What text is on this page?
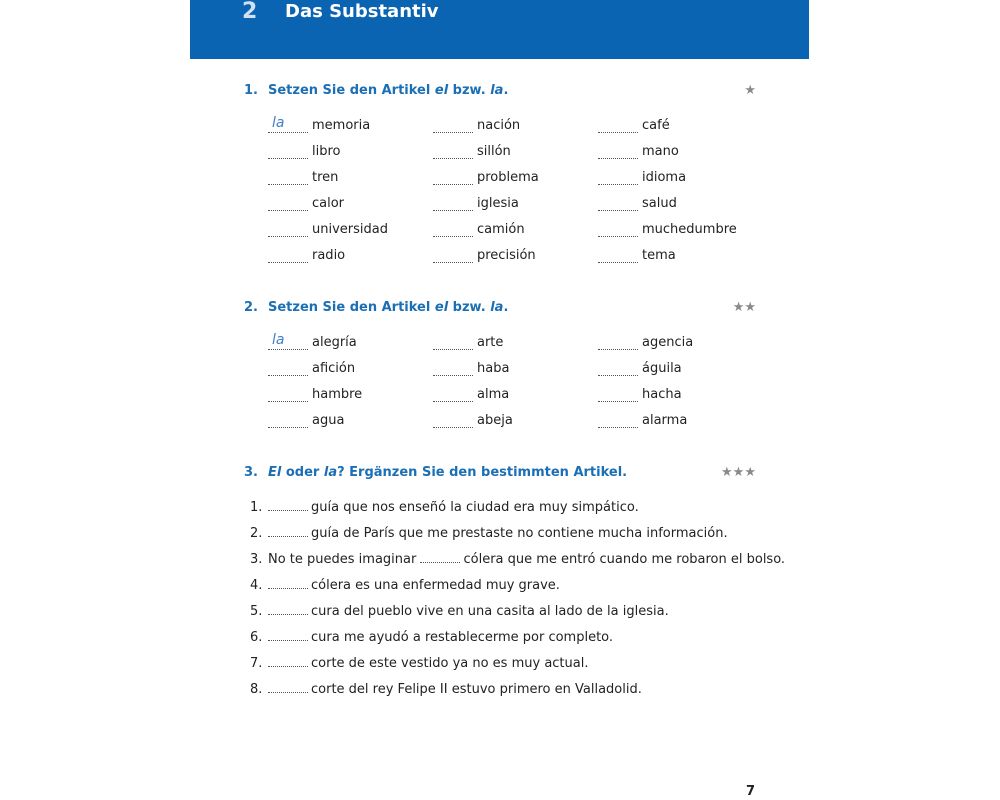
2 Das Substantiv
1. Setzen Sie den Artikel el bzw. la.	★
la memoria	nación	café
libro	sillón	mano
tren	problema	idioma
calor	iglesia	salud
universidad	camión	muchedumbre
radio	precisión	tema
2. Setzen Sie den Artikel el bzw. la.	★★
la alegría	arte	agencia
afición	haba	águila
hambre	alma	hacha
agua	abeja	alarma
3. El oder la? Ergänzen Sie den bestimmten Artikel.	★★★
1.	guía que nos enseñó la ciudad era muy simpático.
2.	guía de París que me prestaste no contiene mucha información.
3. No te puedes imaginar	cólera que me entró cuando me robaron el bolso.
4.	cólera es una enfermedad muy grave.
5.	cura del pueblo vive en una casita al lado de la iglesia.
6.	cura me ayudó a restablecerme por completo.
7.	corte de este vestido ya no es muy actual.
8.	corte del rey Felipe II estuvo primero en Valladolid.
7
